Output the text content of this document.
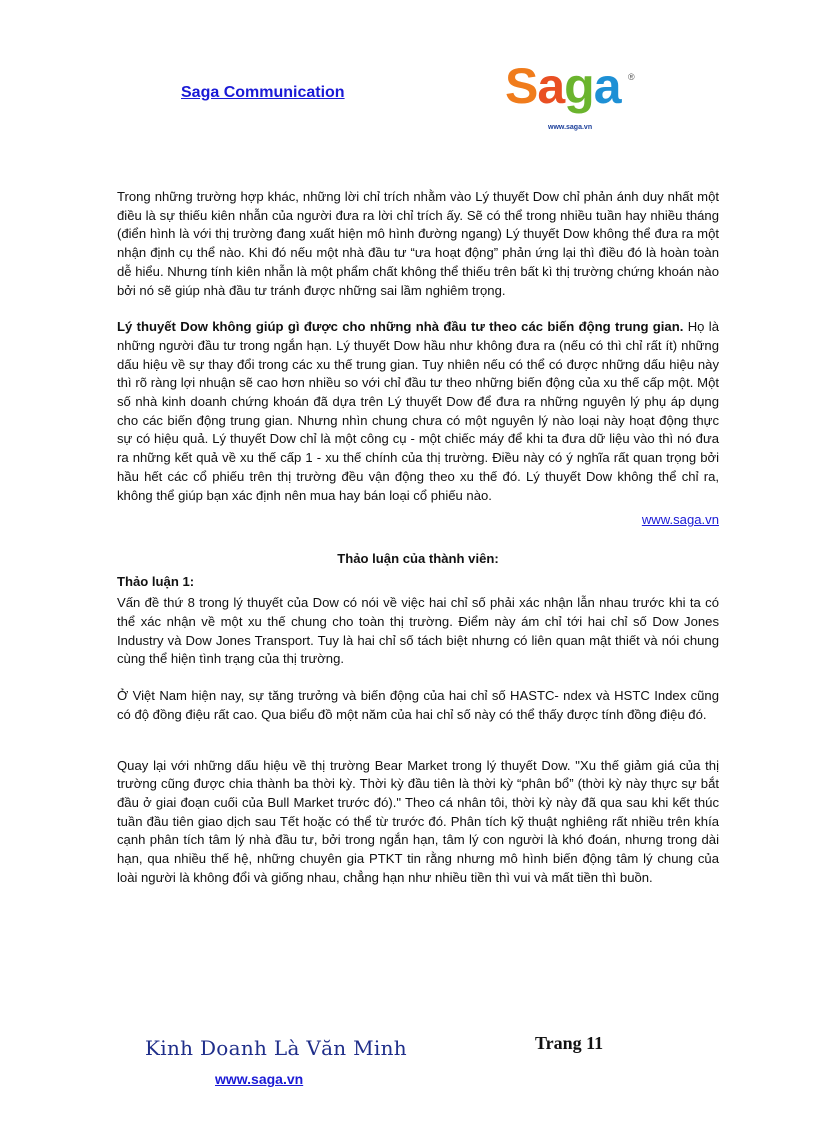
Saga Communication	Saga ®
www.saga.vn

Trong những trường hợp khác, những lời chỉ trích nhằm vào Lý thuyết Dow chỉ phản ánh duy nhất một điều là sự thiếu kiên nhẫn của người đưa ra lời chỉ trích ấy. Sẽ có thể trong nhiều tuần hay nhiều tháng (điển hình là với thị trường đang xuất hiện mô hình đường ngang) Lý thuyết Dow không thể đưa ra một nhận định cụ thể nào. Khi đó nếu một nhà đầu tư “ưa hoạt động” phản ứng lại thì điều đó là hoàn toàn dễ hiểu. Nhưng tính kiên nhẫn là một phẩm chất không thể thiếu trên bất kì thị trường chứng khoán nào bởi nó sẽ giúp nhà đầu tư tránh được những sai lầm nghiêm trọng.

Lý thuyết Dow không giúp gì được cho những nhà đầu tư theo các biến động trung gian. Họ là những người đầu tư trong ngắn hạn. Lý thuyết Dow hầu như không đưa ra (nếu có thì chỉ rất ít) những dấu hiệu về sự thay đổi trong các xu thế trung gian. Tuy nhiên nếu có thể có được những dấu hiệu này thì rõ ràng lợi nhuận sẽ cao hơn nhiều so với chỉ đầu tư theo những biến động của xu thế cấp một. Một số nhà kinh doanh chứng khoán đã dựa trên Lý thuyết Dow để đưa ra những nguyên lý phụ áp dụng cho các biến động trung gian. Nhưng nhìn chung chưa có một nguyên lý nào loại này hoạt động thực sự có hiệu quả. Lý thuyết Dow chỉ là một công cụ - một chiếc máy để khi ta đưa dữ liệu vào thì nó đưa ra những kết quả về xu thế cấp 1 - xu thế chính của thị trường. Điều này có ý nghĩa rất quan trọng bởi hầu hết các cổ phiếu trên thị trường đều vận động theo xu thế đó. Lý thuyết Dow không thể chỉ ra, không thể giúp bạn xác định nên mua hay bán loại cổ phiếu nào.

www.saga.vn

Thảo luận của thành viên:

Thảo luận 1:

Vấn đề thứ 8 trong lý thuyết của Dow có nói về việc hai chỉ số phải xác nhận lẫn nhau trước khi ta có thể xác nhận về một xu thế chung cho toàn thị trường. Điểm này ám chỉ tới hai chỉ số Dow Jones Industry và Dow Jones Transport. Tuy là hai chỉ số tách biệt nhưng có liên quan mật thiết và nói chung cùng thể hiện tình trạng của thị trường.

Ở Việt Nam hiện nay, sự tăng trưởng và biến động của hai chỉ số HASTC- ndex và HSTC Index cũng có độ đồng điệu rất cao. Qua biểu đồ một năm của hai chỉ số này có thể thấy được tính đồng điệu đó.

Quay lại với những dấu hiệu về thị trường Bear Market trong lý thuyết Dow. "Xu thế giảm giá của thị trường cũng được chia thành ba thời kỳ. Thời kỳ đầu tiên là thời kỳ “phân bổ” (thời kỳ này thực sự bắt đầu ở giai đoạn cuối của Bull Market trước đó)." Theo cá nhân tôi, thời kỳ này đã qua sau khi kết thúc tuần đầu tiên giao dịch sau Tết hoặc có thể từ trước đó. Phân tích kỹ thuật nghiêng rất nhiều trên khía cạnh phân tích tâm lý nhà đầu tư, bởi trong ngắn hạn, tâm lý con người là khó đoán, nhưng trong dài hạn, qua nhiều thế hệ, những chuyên gia PTKT tin rằng nhưng mô hình biến động tâm lý chung của loài người là không đổi và giống nhau, chẳng hạn như nhiều tiền thì vui và mất tiền thì buồn.

Kinh Doanh Là Văn Minh	Trang 11
www.saga.vn
